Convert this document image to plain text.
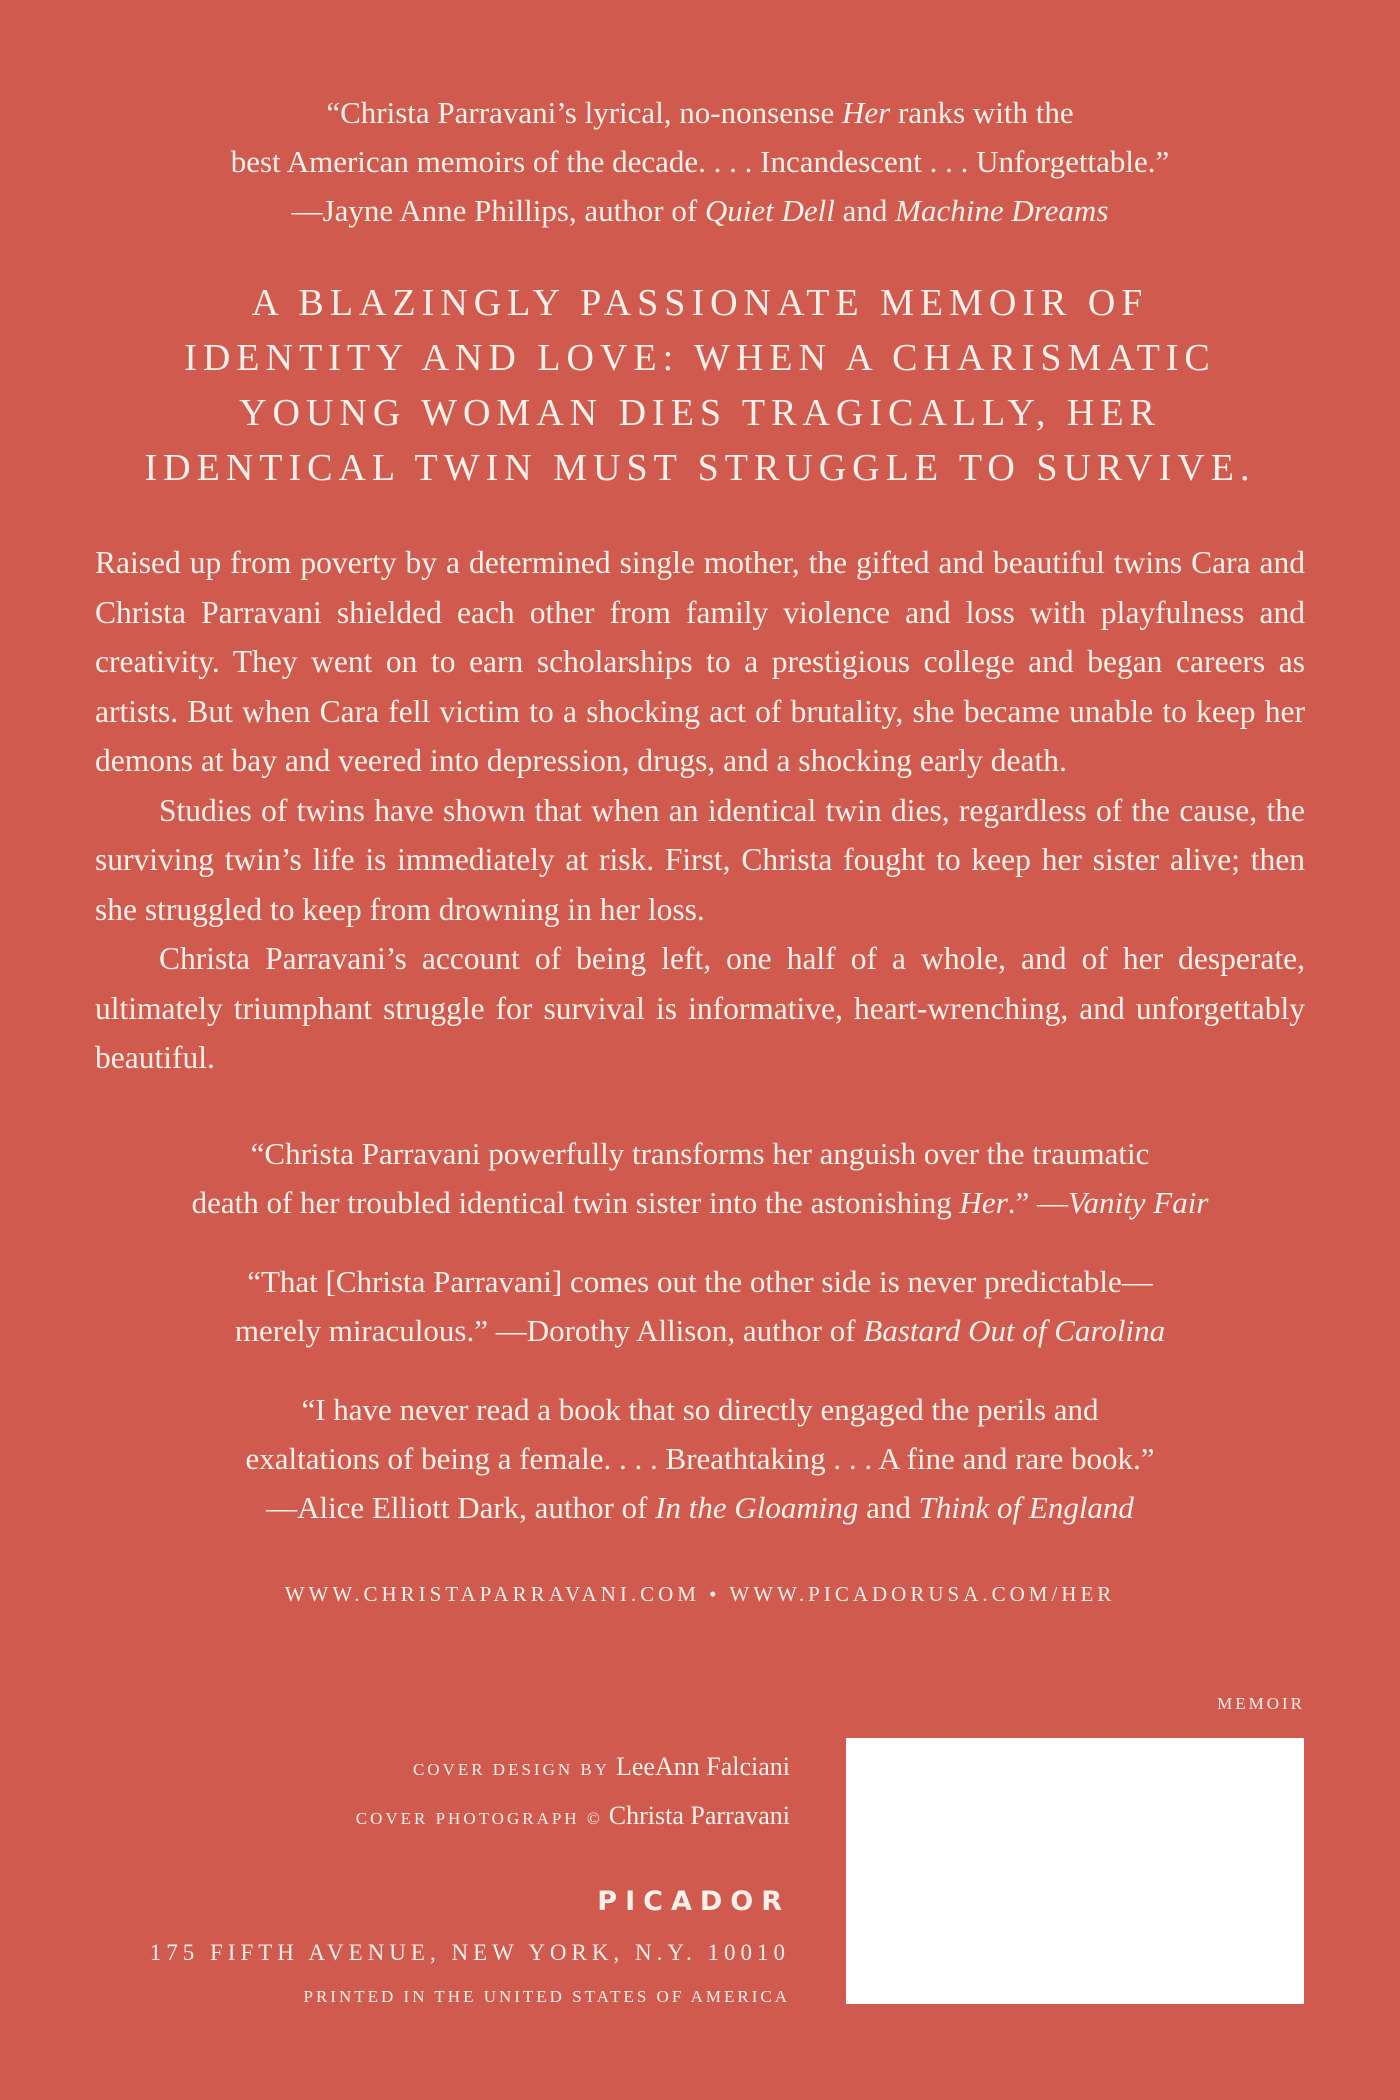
“Christa Parravani’s lyrical, no-nonsense Her ranks with the
best American memoirs of the decade. . . . Incandescent . . . Unforgettable.”
—Jayne Anne Phillips, author of Quiet Dell and Machine Dreams
A BLAZINGLY PASSIONATE MEMOIR OF
IDENTITY AND LOVE: WHEN A CHARISMATIC
YOUNG WOMAN DIES TRAGICALLY, HER
IDENTICAL TWIN MUST STRUGGLE TO SURVIVE.

Raised up from poverty by a determined single mother, the gifted and beautiful twins Cara and Christa Parravani shielded each other from family violence and loss with playfulness and creativity. They went on to earn scholarships to a prestigious college and began careers as artists. But when Cara fell victim to a shocking act of brutality, she became unable to keep her demons at bay and veered into depression, drugs, and a shocking early death.

Studies of twins have shown that when an identical twin dies, regardless of the cause, the surviving twin’s life is immediately at risk. First, Christa fought to keep her sister alive; then she struggled to keep from drowning in her loss.

Christa Parravani’s account of being left, one half of a whole, and of her desperate, ultimately triumphant struggle for survival is informative, heart-wrenching, and unforgettably beautiful.

“Christa Parravani powerfully transforms her anguish over the traumatic
death of her troubled identical twin sister into the astonishing Her.” —Vanity Fair
“That [Christa Parravani] comes out the other side is never predictable—
merely miraculous.” —Dorothy Allison, author of Bastard Out of Carolina
“I have never read a book that so directly engaged the perils and
exaltations of being a female. . . . Breathtaking . . . A fine and rare book.”
—Alice Elliott Dark, author of In the Gloaming and Think of England
WWW.CHRISTAPARRAVANI.COM • WWW.PICADORUSA.COM/HER
MEMOIR
COVER DESIGN BY LeeAnn Falciani
COVER PHOTOGRAPH © Christa Parravani
PICADOR
175 FIFTH AVENUE, NEW YORK, N.Y. 10010
PRINTED IN THE UNITED STATES OF AMERICA
